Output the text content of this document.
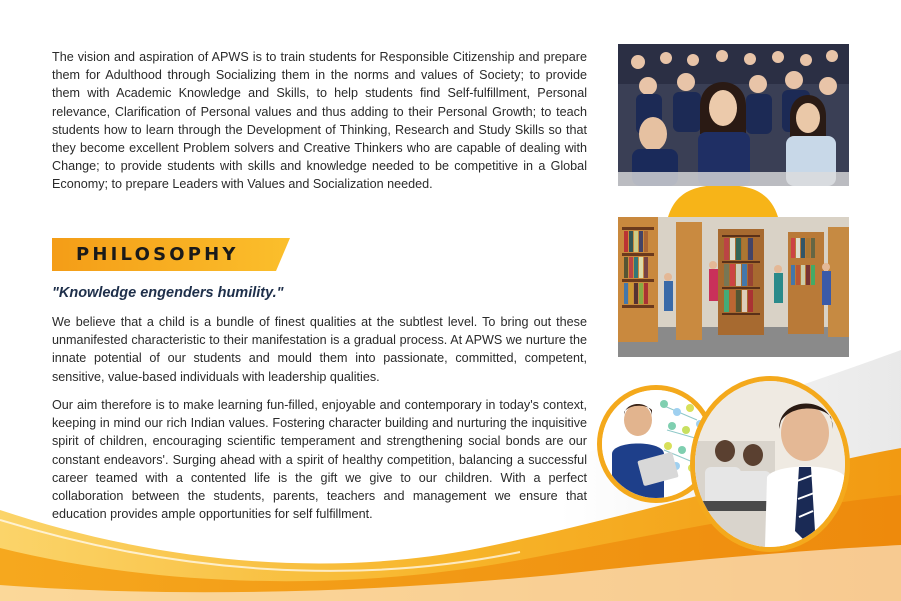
The vision and aspiration of APWS is to train students for Responsible Citizenship and prepare them for Adulthood through Socializing them in the norms and values of Society; to provide them with Academic Knowledge and Skills, to help students find Self-fulfillment, Personal relevance, Clarification of Personal values and thus adding to their Personal Growth; to teach students how to learn through the Development of Thinking, Research and Study Skills so that they become excellent Problem solvers and Creative Thinkers who are capable of dealing with Change; to provide students with skills and knowledge needed to be competitive in a Global Economy; to prepare Leaders with Values and Socialization needed.
PHILOSOPHY
"Knowledge engenders humility."
We believe that a child is a bundle of finest qualities at the subtlest level. To bring out these unmanifested characteristic to their manifestation is a gradual process. At APWS we nurture the innate potential of our students and mould them into passionate, committed, competent, sensitive, value-based individuals with leadership qualities.
Our aim therefore is to make learning fun-filled, enjoyable and contemporary in today's context, keeping in mind our rich Indian values. Fostering character building and nurturing the inquisitive spirit of children, encouraging scientific temperament and strengthening social bonds are our constant endeavors'. Surging ahead with a spirit of healthy competition, balancing a successful career teamed with a contented life is the gift we give to our children. With a perfect collaboration between the students, parents, teachers and management we ensure that education provides ample opportunities for self fulfillment.
